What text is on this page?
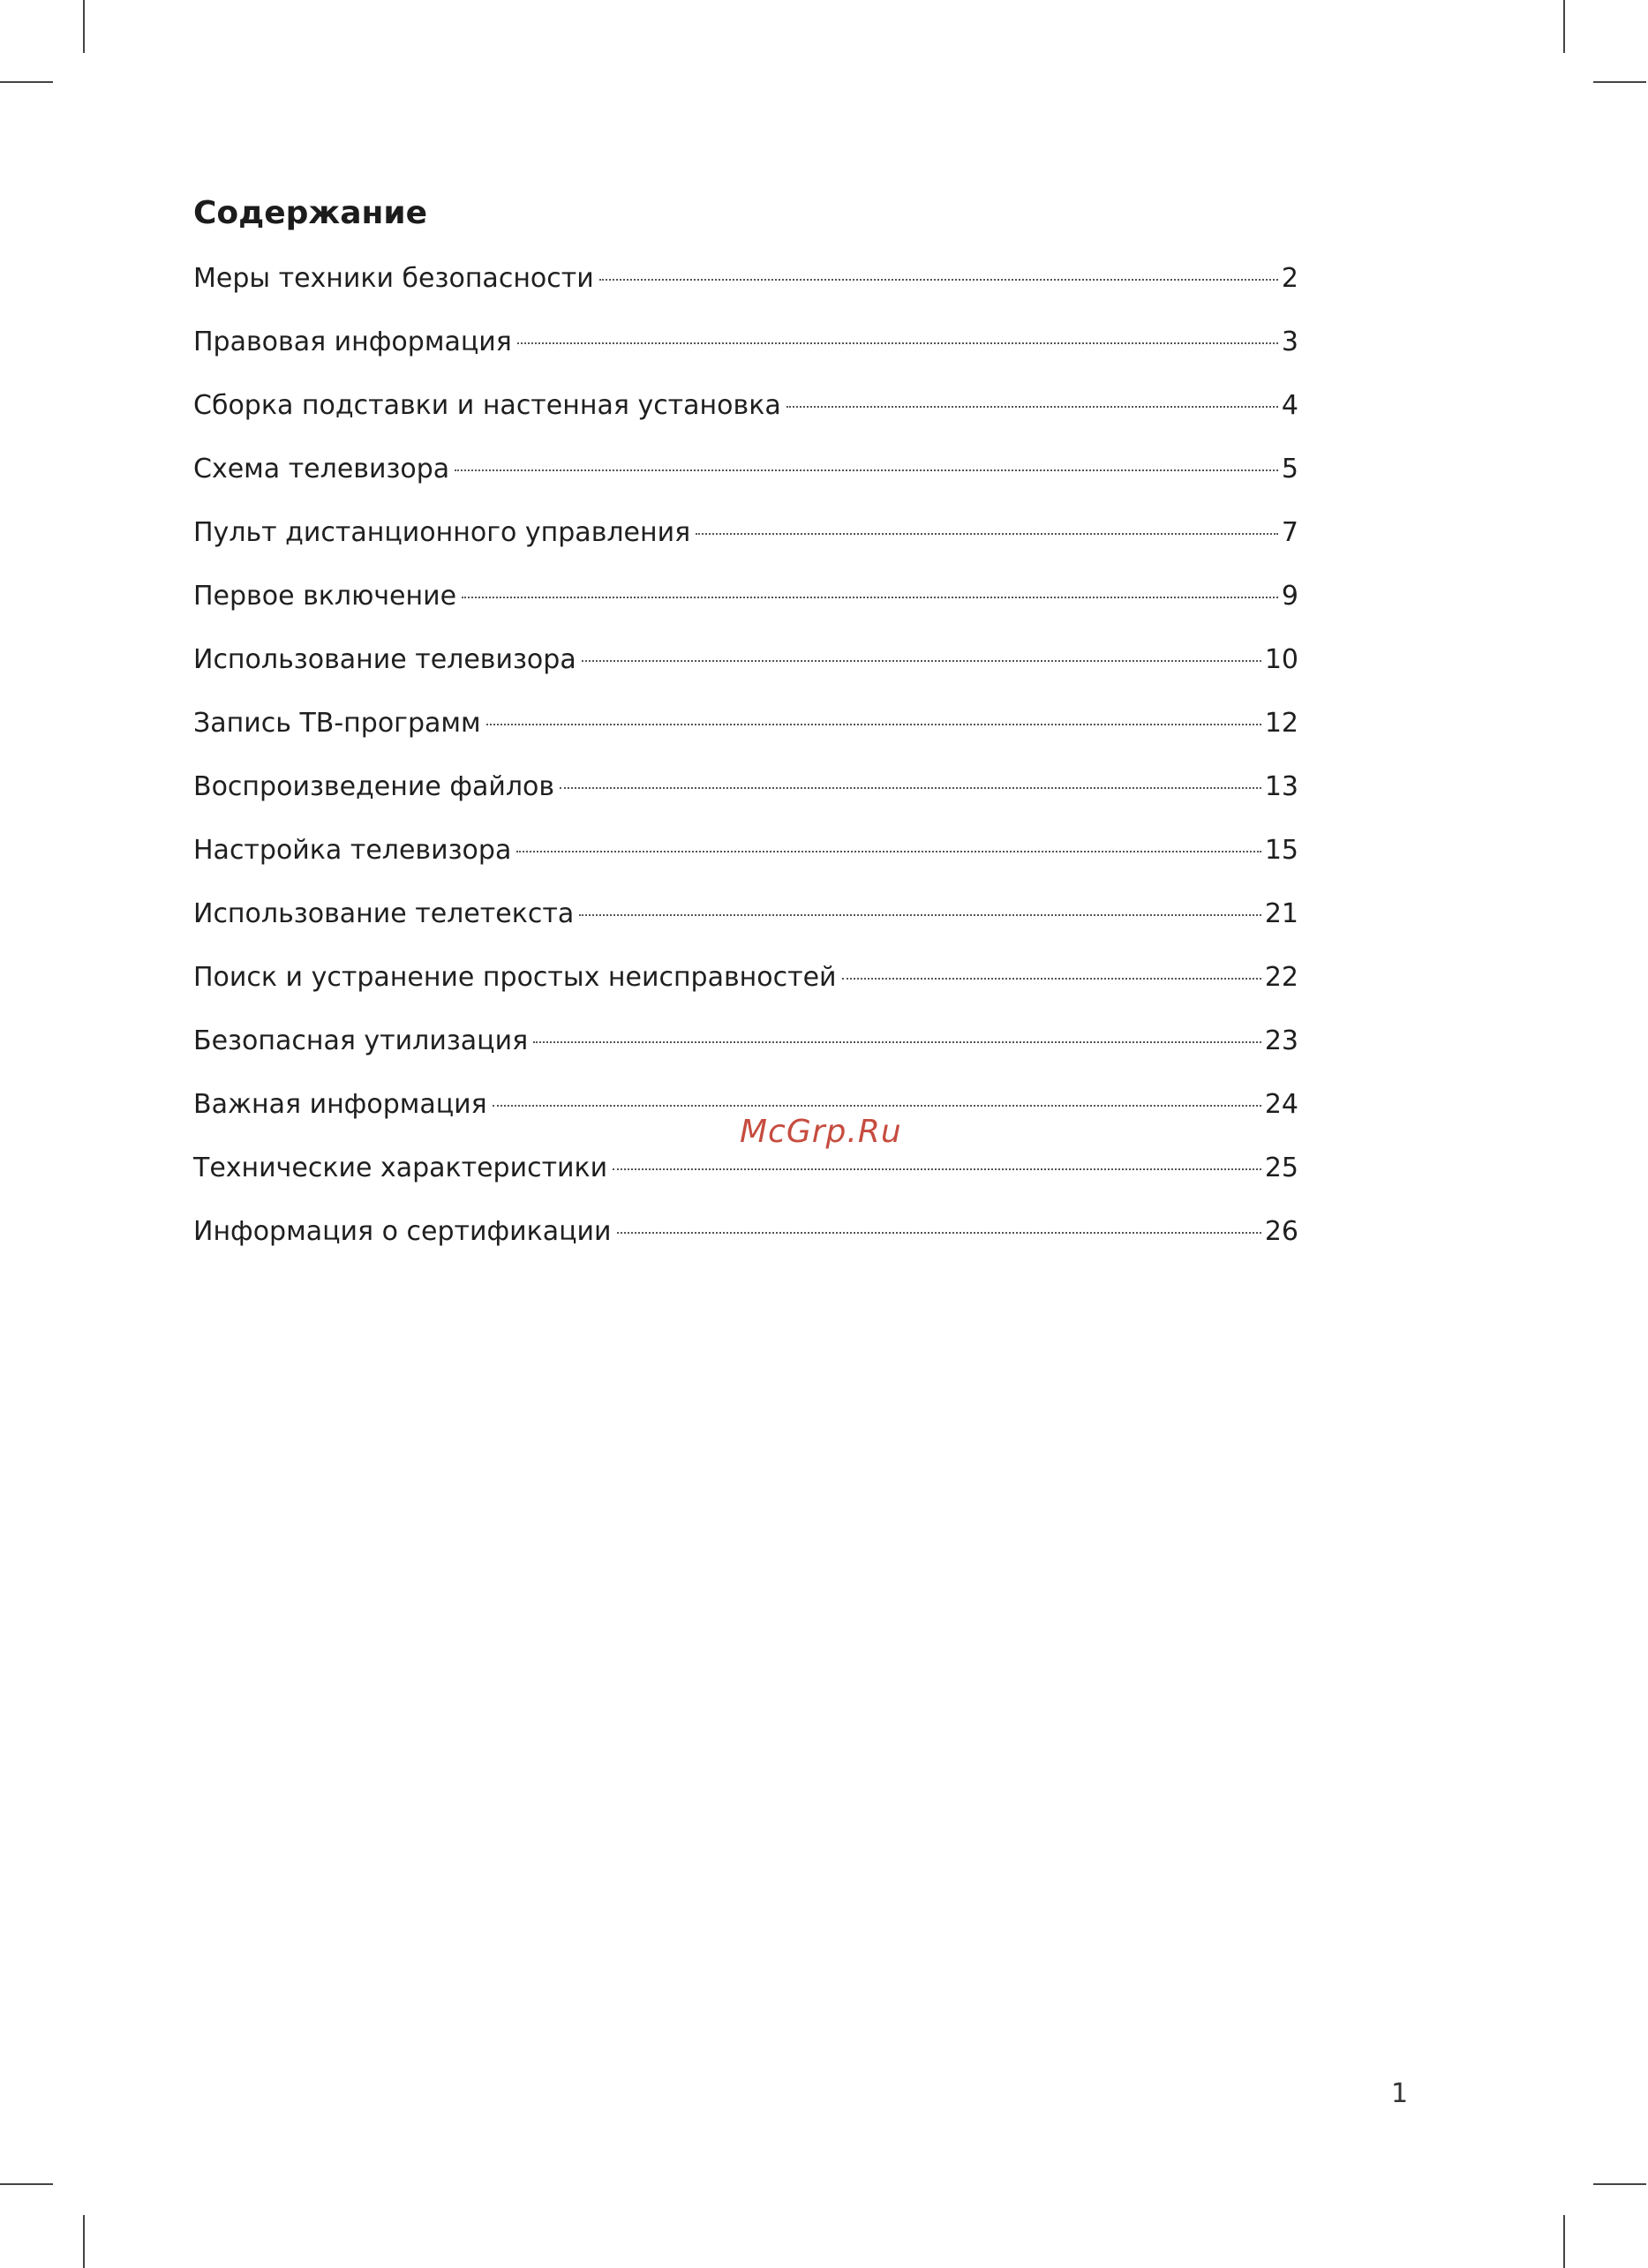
Содержание
Меры техники безопасности	2
Правовая информация	3
Сборка подставки и настенная установка	4
Схема телевизора	5
Пульт дистанционного управления	7
Первое включение	9
Использование телевизора	10
Запись ТВ-программ	12
Воспроизведение файлов	13
Настройка телевизора	15
Использование телетекста	21
Поиск и устранение простых неисправностей	22
Безопасная утилизация	23
Важная информация	24
Технические характеристики	25
Информация о сертификации	26
McGrp.Ru
1
